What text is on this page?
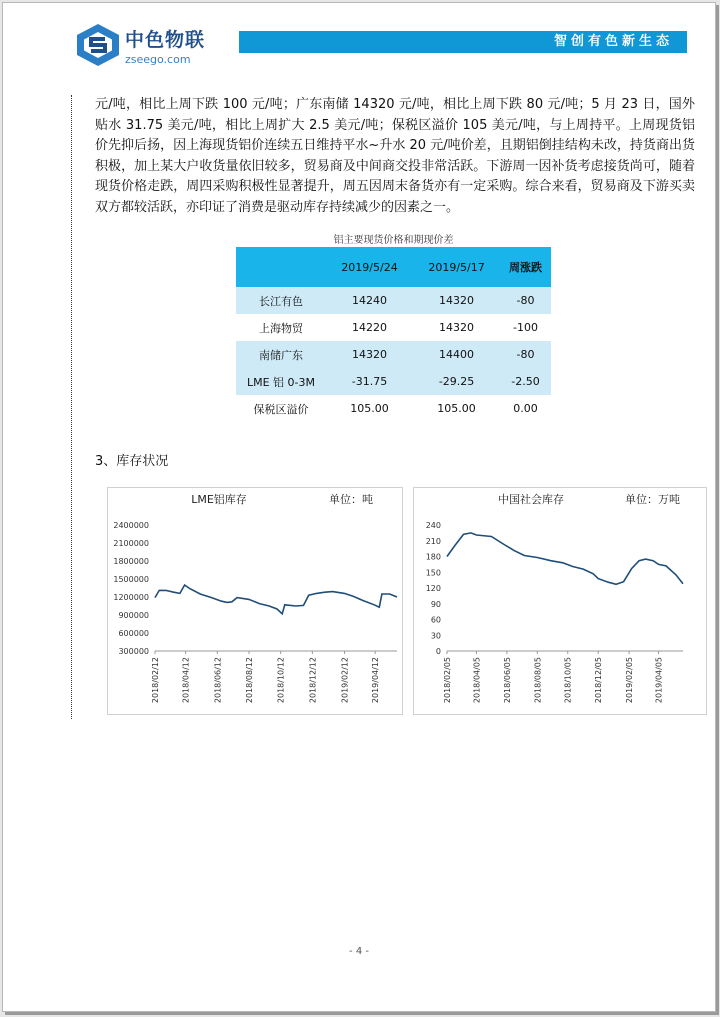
中色物联
zseego.com
智创有色新生态
元/吨，相比上周下跌 100 元/吨；广东南储 14320 元/吨，相比上周下跌 80 元/吨；5 月 23 日，国外贴水 31.75 美元/吨，相比上周扩大 2.5 美元/吨；保税区溢价 105 美元/吨，与上周持平。上周现货铝价先抑后扬，因上海现货铝价连续五日维持平水~升水 20 元/吨价差，且期铝倒挂结构未改，持货商出货积极，加上某大户收货量依旧较多，贸易商及中间商交投非常活跃。下游周一因补货考虑接货尚可，随着现货价格走跌，周四采购积极性显著提升，周五因周末备货亦有一定采购。综合来看，贸易商及下游买卖双方都较活跃，亦印证了消费是驱动库存持续减少的因素之一。
铝主要现货价格和期现价差
	2019/5/24	2019/5/17	周涨跌
长江有色	14240	14320	-80
上海物贸	14220	14320	-100
南储广东	14320	14400	-80
LME 铝 0-3M	-31.75	-29.25	-2.50
保税区溢价	105.00	105.00	0.00
3、库存状况
LME铝库存	单位：吨
2400000
2100000
1800000
1500000
1200000
900000
600000
300000
2018/02/12	2018/04/12	2018/06/12	2018/08/12	2018/10/12	2018/12/12	2019/02/12	2019/04/12
中国社会库存	单位：万吨
240
210
180
150
120
90
60
30
0
2018/02/05	2018/04/05	2018/06/05	2018/08/05	2018/10/05	2018/12/05	2019/02/05	2019/04/05
- 4 -
